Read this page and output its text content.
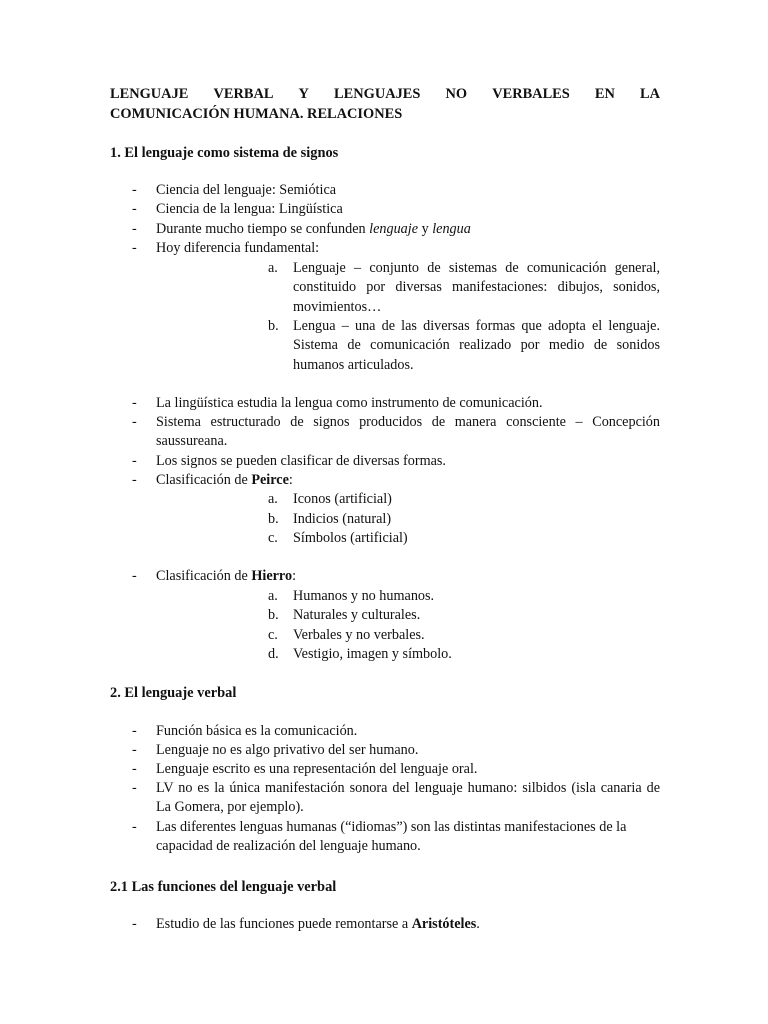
LENGUAJE VERBAL Y LENGUAJES NO VERBALES EN LA
COMUNICACIÓN HUMANA. RELACIONES
1. El lenguaje como sistema de signos
-	Ciencia del lenguaje: Semiótica
-	Ciencia de la lengua: Lingüística
-	Durante mucho tiempo se confunden lenguaje y lengua
-	Hoy diferencia fundamental:
a.	Lenguaje – conjunto de sistemas de comunicación general, constituido por diversas manifestaciones: dibujos, sonidos, movimientos…
b.	Lengua – una de las diversas formas que adopta el lenguaje. Sistema de comunicación realizado por medio de sonidos humanos articulados.
-	La lingüística estudia la lengua como instrumento de comunicación.
-	Sistema estructurado de signos producidos de manera consciente – Concepción saussureana.
-	Los signos se pueden clasificar de diversas formas.
-	Clasificación de Peirce:
a.	Iconos (artificial)
b.	Indicios (natural)
c.	Símbolos (artificial)
-	Clasificación de Hierro:
a.	Humanos y no humanos.
b.	Naturales y culturales.
c.	Verbales y no verbales.
d.	Vestigio, imagen y símbolo.
2. El lenguaje verbal
-	Función básica es la comunicación.
-	Lenguaje no es algo privativo del ser humano.
-	Lenguaje escrito es una representación del lenguaje oral.
-	LV no es la única manifestación sonora del lenguaje humano: silbidos (isla canaria de La Gomera, por ejemplo).
-	Las diferentes lenguas humanas (“idiomas”) son las distintas manifestaciones de la capacidad de realización del lenguaje humano.
2.1 Las funciones del lenguaje verbal
-	Estudio de las funciones puede remontarse a Aristóteles.
